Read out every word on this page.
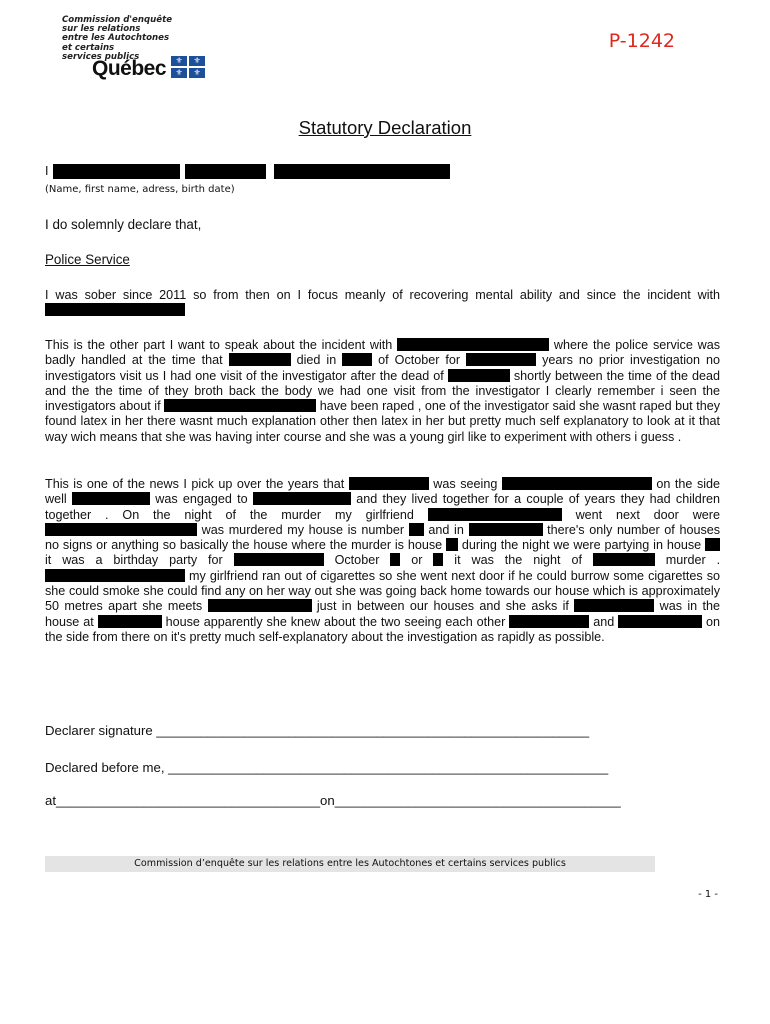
Commission d'enquête
sur les relations
entre les Autochtones
et certains
services publics
Québec	⚜	⚜
⚜	⚜
P-1242
Statutory Declaration
I
(Name, first name, adress, birth date)
I do solemnly declare that,
Police Service
I was sober since 2011 so from then on I focus meanly of recovering mental ability and since the incident with
This is the other part I want to speak about the incident with	where the police service was badly handled at the time that	died in	of October for	years no prior investigation no investigators visit us I had one visit of the investigator after the dead of	shortly between the time of the dead and the the time of they broth back the body we had one visit from the investigator I clearly remember i seen the investigators about if	have been raped , one of the investigator said she wasnt raped but they found latex in her there wasnt much explanation other then latex in her but pretty much self explanatory to look at it that way wich means that she was having inter course and she was a young girl like to experiment with others i guess .
This is one of the news I pick up over the years that	was seeing	on the side well	was engaged to	and they lived together for a couple of years they had children together . On the night of the murder my girlfriend	went next door were  was murdered my house is number and in	there's only number of houses no signs or anything so basically the house where the murder is house during the night we were partying in house  it was a birthday party for	October	or	it was the night of	murder .  my girlfriend ran out of cigarettes so she went next door if he could burrow some cigarettes so she could smoke she could find any on her way out she was going back home towards our house which is approximately 50 metres apart she meets	just in between our houses and she asks if	was in the house at	house apparently she knew about the two seeing each other	and	on the side from there on it's pretty much self-explanatory about the investigation as rapidly as possible.
Declarer signature ___________________________________________________________
Declared before me, ____________________________________________________________
at____________________________________on_______________________________________
Commission d’enquête sur les relations entre les Autochtones et certains services publics
- 1 -
